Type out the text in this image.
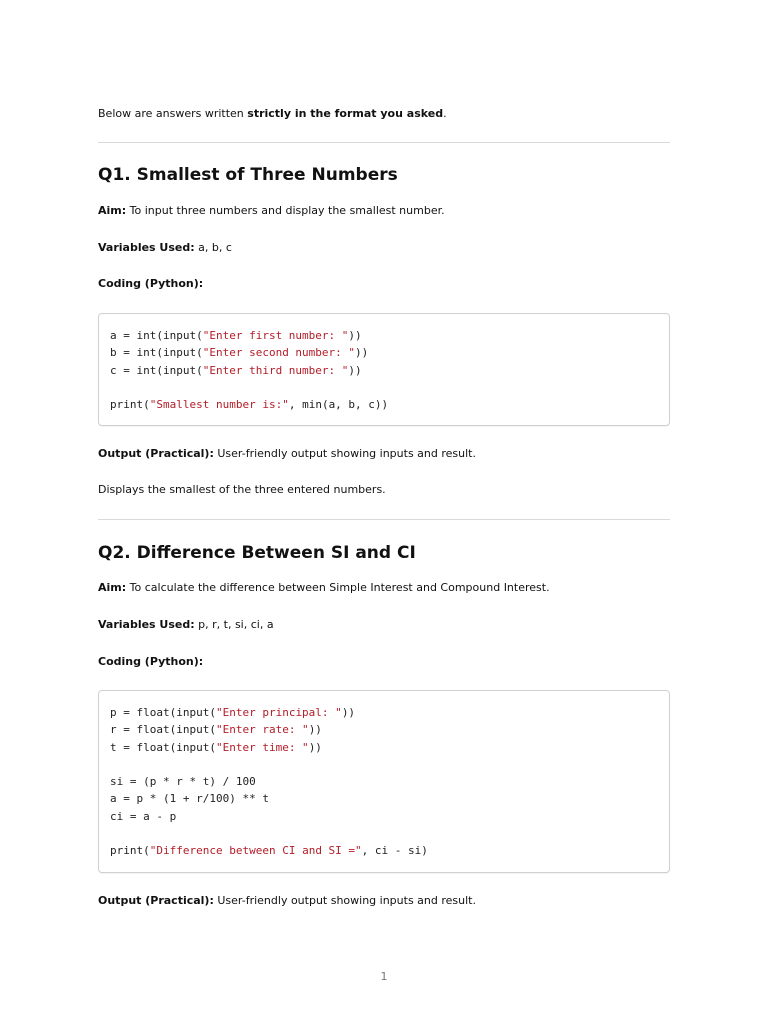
Below are answers written strictly in the format you asked.
Q1. Smallest of Three Numbers
Aim: To input three numbers and display the smallest number.
Variables Used: a, b, c
Coding (Python):
a = int(input("Enter first number: "))
b = int(input("Enter second number: "))
c = int(input("Enter third number: "))
print("Smallest number is:", min(a, b, c))
Output (Practical): User-friendly output showing inputs and result.
Displays the smallest of the three entered numbers.
Q2. Difference Between SI and CI
Aim: To calculate the difference between Simple Interest and Compound Interest.
Variables Used: p, r, t, si, ci, a
Coding (Python):
p = float(input("Enter principal: "))
r = float(input("Enter rate: "))
t = float(input("Enter time: "))
si = (p * r * t) / 100
a = p * (1 + r/100) ** t
ci = a - p
print("Difference between CI and SI =", ci - si)
Output (Practical): User-friendly output showing inputs and result.
1
